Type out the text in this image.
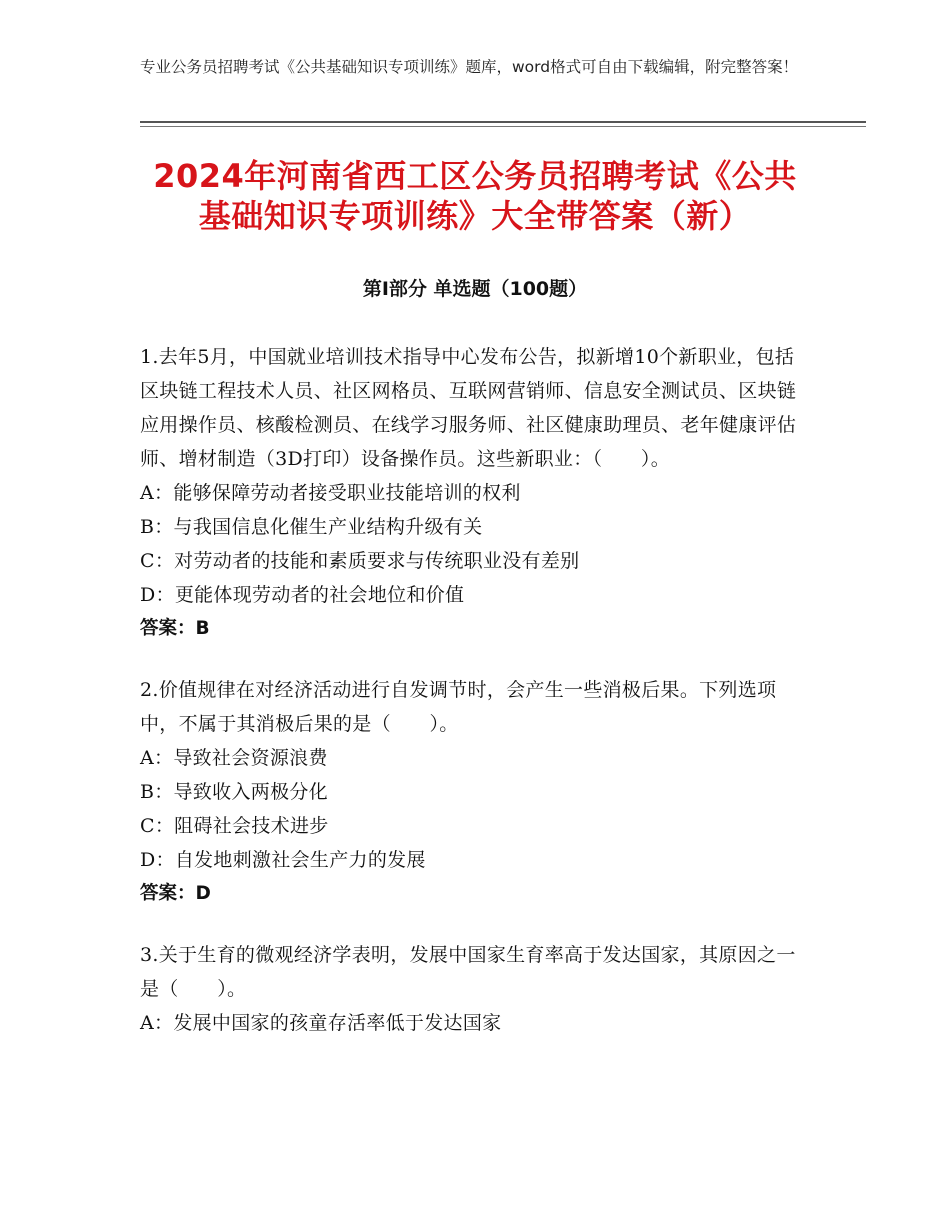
专业公务员招聘考试《公共基础知识专项训练》题库，word格式可自由下载编辑，附完整答案！
2024年河南省西工区公务员招聘考试《公共
基础知识专项训练》大全带答案（新）
第Ⅰ部分 单选题（100题）
1.去年5月，中国就业培训技术指导中心发布公告，拟新增10个新职业，包括区块链工程技术人员、社区网格员、互联网营销师、信息安全测试员、区块链应用操作员、核酸检测员、在线学习服务师、社区健康助理员、老年健康评估师、增材制造（3D打印）设备操作员。这些新职业：（　　）。
A：能够保障劳动者接受职业技能培训的权利
B：与我国信息化催生产业结构升级有关
C：对劳动者的技能和素质要求与传统职业没有差别
D：更能体现劳动者的社会地位和价值
答案：B
2.价值规律在对经济活动进行自发调节时，会产生一些消极后果。下列选项中，不属于其消极后果的是（　　）。
A：导致社会资源浪费
B：导致收入两极分化
C：阻碍社会技术进步
D：自发地刺激社会生产力的发展
答案：D
3.关于生育的微观经济学表明，发展中国家生育率高于发达国家，其原因之一是（　　）。
A：发展中国家的孩童存活率低于发达国家
